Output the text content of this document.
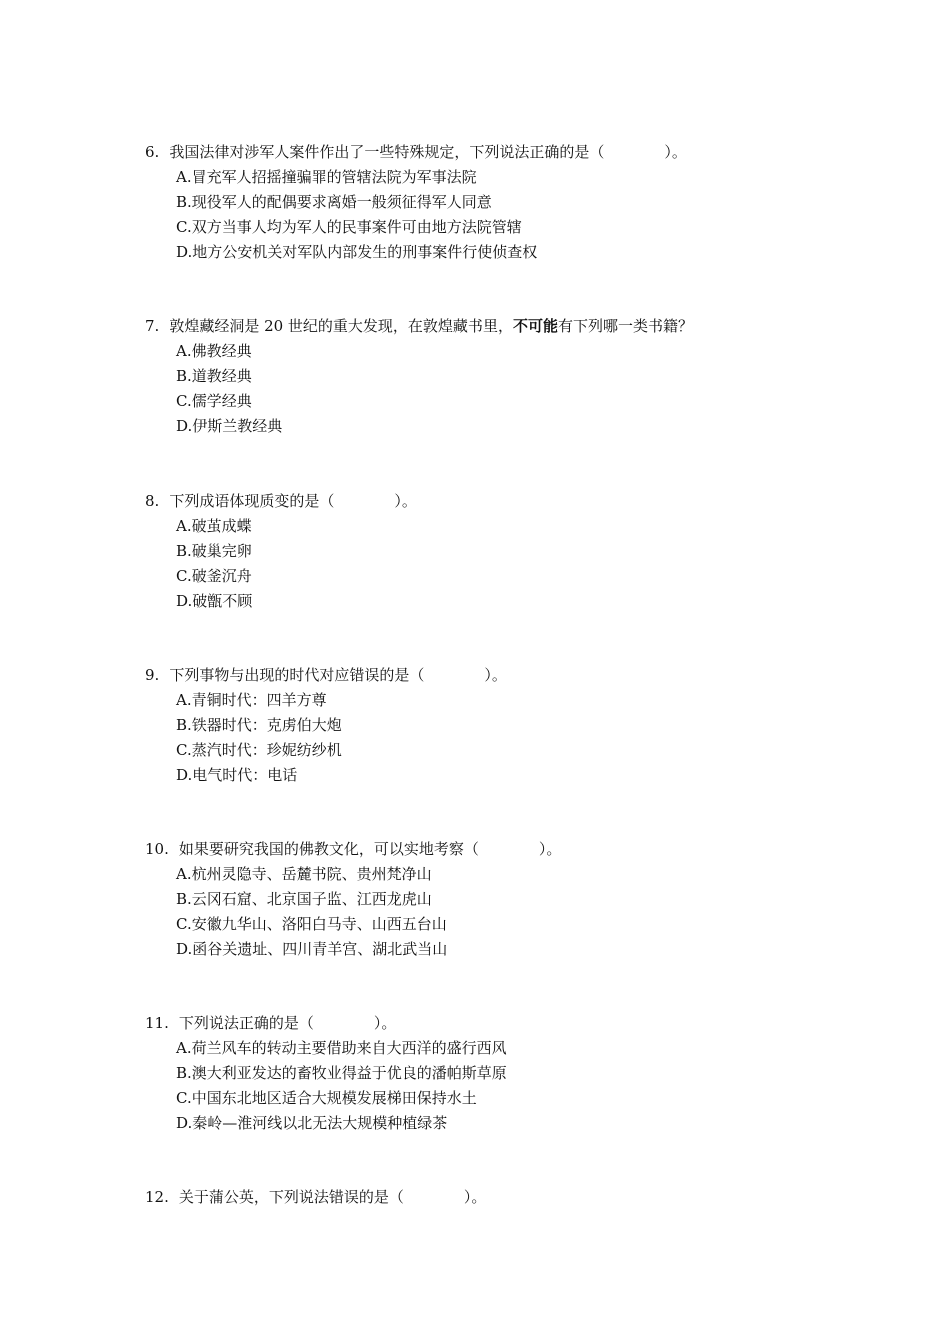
6. 我国法律对涉军人案件作出了一些特殊规定，下列说法正确的是（　　　　）。
A.冒充军人招摇撞骗罪的管辖法院为军事法院
B.现役军人的配偶要求离婚一般须征得军人同意
C.双方当事人均为军人的民事案件可由地方法院管辖
D.地方公安机关对军队内部发生的刑事案件行使侦查权
7. 敦煌藏经洞是 20 世纪的重大发现，在敦煌藏书里，不可能有下列哪一类书籍？
A.佛教经典
B.道教经典
C.儒学经典
D.伊斯兰教经典
8. 下列成语体现质变的是（　　　　）。
A.破茧成蝶
B.破巢完卵
C.破釜沉舟
D.破甑不顾
9. 下列事物与出现的时代对应错误的是（　　　　）。
A.青铜时代：四羊方尊
B.铁器时代：克虏伯大炮
C.蒸汽时代：珍妮纺纱机
D.电气时代：电话
10. 如果要研究我国的佛教文化，可以实地考察（　　　　）。
A.杭州灵隐寺、岳麓书院、贵州梵净山
B.云冈石窟、北京国子监、江西龙虎山
C.安徽九华山、洛阳白马寺、山西五台山
D.函谷关遗址、四川青羊宫、湖北武当山
11. 下列说法正确的是（　　　　）。
A.荷兰风车的转动主要借助来自大西洋的盛行西风
B.澳大利亚发达的畜牧业得益于优良的潘帕斯草原
C.中国东北地区适合大规模发展梯田保持水土
D.秦岭—淮河线以北无法大规模种植绿茶
12. 关于蒲公英，下列说法错误的是（　　　　）。
